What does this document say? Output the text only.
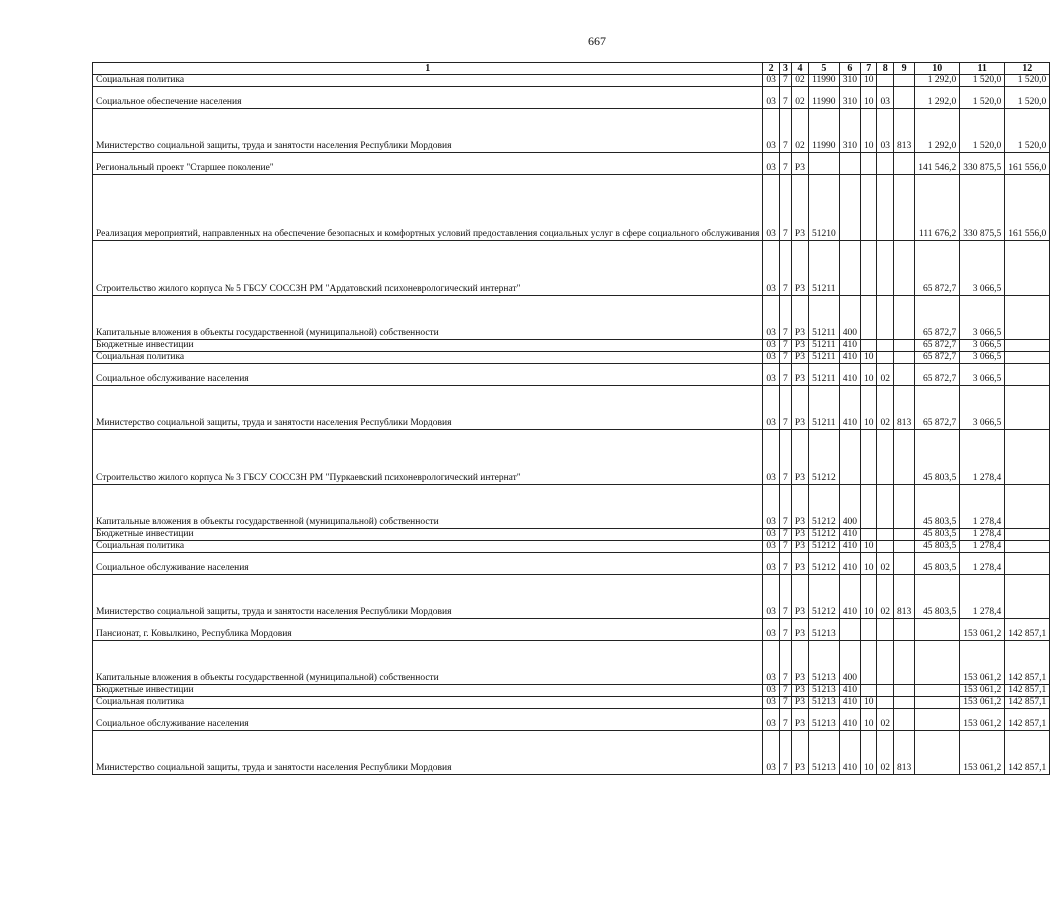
667
1	2	3	4	5	6	7	8	9	10	11	12
Социальная политика	03	7	02	11990	310	10			1 292,0	1 520,0	1 520,0
Социальное обеспечение населения	03	7	02	11990	310	10	03		1 292,0	1 520,0	1 520,0
Министерство социальной защиты, труда и занятости населения Республики Мордовия	03	7	02	11990	310	10	03	813	1 292,0	1 520,0	1 520,0
Региональный проект "Старшее поколение"	03	7	P3						141 546,2	330 875,5	161 556,0
Реализация мероприятий, направленных на обеспечение безопасных и комфортных условий предоставления социальных услуг в сфере социального обслуживания	03	7	P3	51210					111 676,2	330 875,5	161 556,0
Строительство жилого корпуса № 5 ГБСУ СОССЗН РМ "Ардатовский психоневрологический интернат"	03	7	P3	51211					65 872,7	3 066,5	
Капитальные вложения в объекты государственной (муниципальной) собственности	03	7	P3	51211	400				65 872,7	3 066,5	
Бюджетные инвестиции	03	7	P3	51211	410				65 872,7	3 066,5	
Социальная политика	03	7	P3	51211	410	10			65 872,7	3 066,5	
Социальное обслуживание населения	03	7	P3	51211	410	10	02		65 872,7	3 066,5	
Министерство социальной защиты, труда и занятости населения Республики Мордовия	03	7	P3	51211	410	10	02	813	65 872,7	3 066,5	
Строительство жилого корпуса № 3 ГБСУ СОССЗН РМ "Пуркаевский психоневрологический интернат"	03	7	P3	51212					45 803,5	1 278,4	
Капитальные вложения в объекты государственной (муниципальной) собственности	03	7	P3	51212	400				45 803,5	1 278,4	
Бюджетные инвестиции	03	7	P3	51212	410				45 803,5	1 278,4	
Социальная политика	03	7	P3	51212	410	10			45 803,5	1 278,4	
Социальное обслуживание населения	03	7	P3	51212	410	10	02		45 803,5	1 278,4	
Министерство социальной защиты, труда и занятости населения Республики Мордовия	03	7	P3	51212	410	10	02	813	45 803,5	1 278,4	
Пансионат, г. Ковылкино, Республика Мордовия	03	7	P3	51213						153 061,2	142 857,1
Капитальные вложения в объекты государственной (муниципальной) собственности	03	7	P3	51213	400					153 061,2	142 857,1
Бюджетные инвестиции	03	7	P3	51213	410					153 061,2	142 857,1
Социальная политика	03	7	P3	51213	410	10				153 061,2	142 857,1
Социальное обслуживание населения	03	7	P3	51213	410	10	02			153 061,2	142 857,1
Министерство социальной защиты, труда и занятости населения Республики Мордовия	03	7	P3	51213	410	10	02	813		153 061,2	142 857,1
